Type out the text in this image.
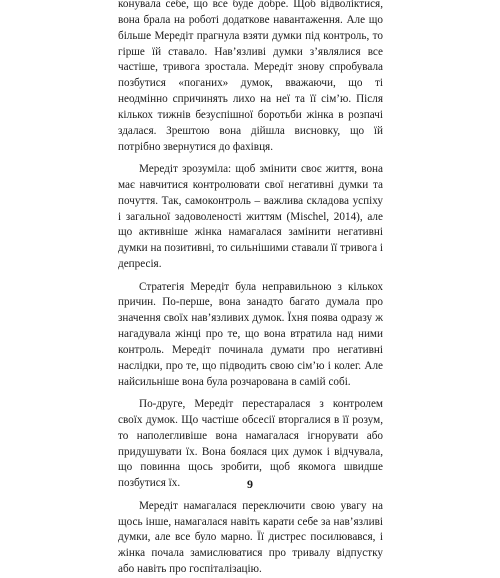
конувала себе, що все буде добре. Щоб відволіктися, вона брала на роботі додаткове навантаження. Але що більше Мередіт прагнула взяти думки під контроль, то гірше їй ставало. Нав’язливі думки з’являлися все частіше, тривога зростала. Мередіт знову спробувала позбутися «поганих» думок, вважаючи, що ті неодмінно спричинять лихо на неї та її сім’ю. Після кількох тижнів безуспішної боротьби жінка в розпачі здалася. Зрештою вона дійшла висновку, що їй потрібно звернутися до фахівця.

Мередіт зрозуміла: щоб змінити своє життя, вона має навчитися контролювати свої негативні думки та почуття. Так, самоконтроль – важлива складова успіху і загальної задоволеності життям (Mischel, 2014), але що активніше жінка намагалася замінити негативні думки на позитивні, то сильнішими ставали її тривога і депресія.

Стратегія Мередіт була неправильною з кількох причин. По-перше, вона занадто багато думала про значення своїх нав’язливих думок. Їхня поява одразу ж нагадувала жінці про те, що вона втратила над ними контроль. Мередіт починала думати про негативні наслідки, про те, що підводить свою сім’ю і колег. Але найсильніше вона була розчарована в самій собі.

По-друге, Мередіт перестаралася з контролем своїх думок. Що частіше обсесії вторгалися в її розум, то наполегливіше вона намагалася ігнорувати або придушувати їх. Вона боялася цих думок і відчувала, що повинна щось зробити, щоб якомога швидше позбутися їх.

Мередіт намагалася переключити свою увагу на щось інше, намагалася навіть карати себе за нав’язливі думки, але все було марно. Її дистрес посилювався, і жінка почала замислюватися про тривалу відпустку або навіть про госпіталізацію.

9
